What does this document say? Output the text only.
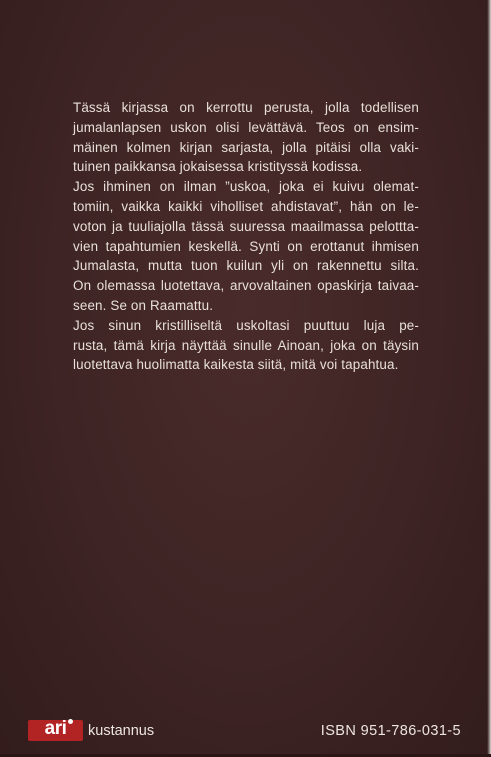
Tässä kirjassa on kerrottu perusta, jolla todellisen
jumalanlapsen uskon olisi levättävä. Teos on ensim-
mäinen kolmen kirjan sarjasta, jolla pitäisi olla vaki-
tuinen paikkansa jokaisessa kristityssä kodissa.

Jos ihminen on ilman ”uskoa, joka ei kuivu olemat-
tomiin, vaikka kaikki viholliset ahdistavat”, hän on le-
voton ja tuuliajolla tässä suuressa maailmassa pelottta-
vien tapahtumien keskellä. Synti on erottanut ihmisen
Jumalasta, mutta tuon kuilun yli on rakennettu silta.
On olemassa luotettava, arvovaltainen opaskirja taivaa-
seen. Se on Raamattu.

Jos sinun kristilliseltä uskoltasi puuttuu luja pe-
rusta, tämä kirja näyttää sinulle Ainoan, joka on täysin
luotettava huolimatta kaikesta siitä, mitä voi tapahtua.

ari	kustannus	ISBN 951-786-031-5
